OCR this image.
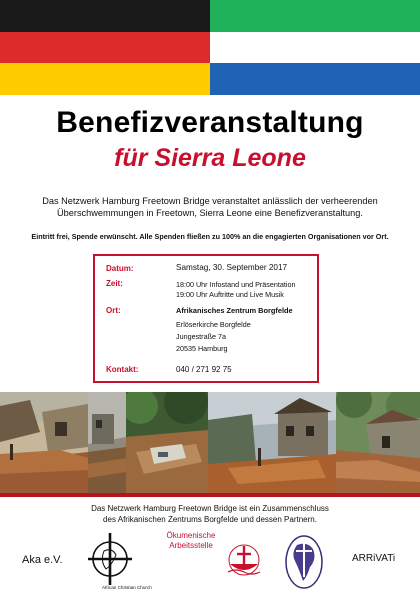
Benefizveranstaltung
für Sierra Leone
Das Netzwerk Hamburg Freetown Bridge veranstaltet anlässlich der verheerenden Überschwemmungen in Freetown, Sierra Leone eine Benefizveranstaltung.
Eintritt frei, Spende erwünscht. Alle Spenden fließen zu 100% an die engagierten Organisationen vor Ort.
Datum:	Samstag, 30. September 2017
Zeit:	18:00 Uhr Infostand und Präsentation
19:00 Uhr Auftritte und Live Musik
Ort:	Afrikanisches Zentrum Borgfelde
Erlöserkirche Borgfelde
Jungestraße 7a
20535 Hamburg
Kontakt:	040 / 271 92 75
Das Netzwerk Hamburg Freetown Bridge ist ein Zusammenschluss
des Afrikanischen Zentrums Borgfelde und dessen Partnern.
Aka e.V.
African Christian Church
Ökumenische
Arbeitsstelle
ARRiVATi
